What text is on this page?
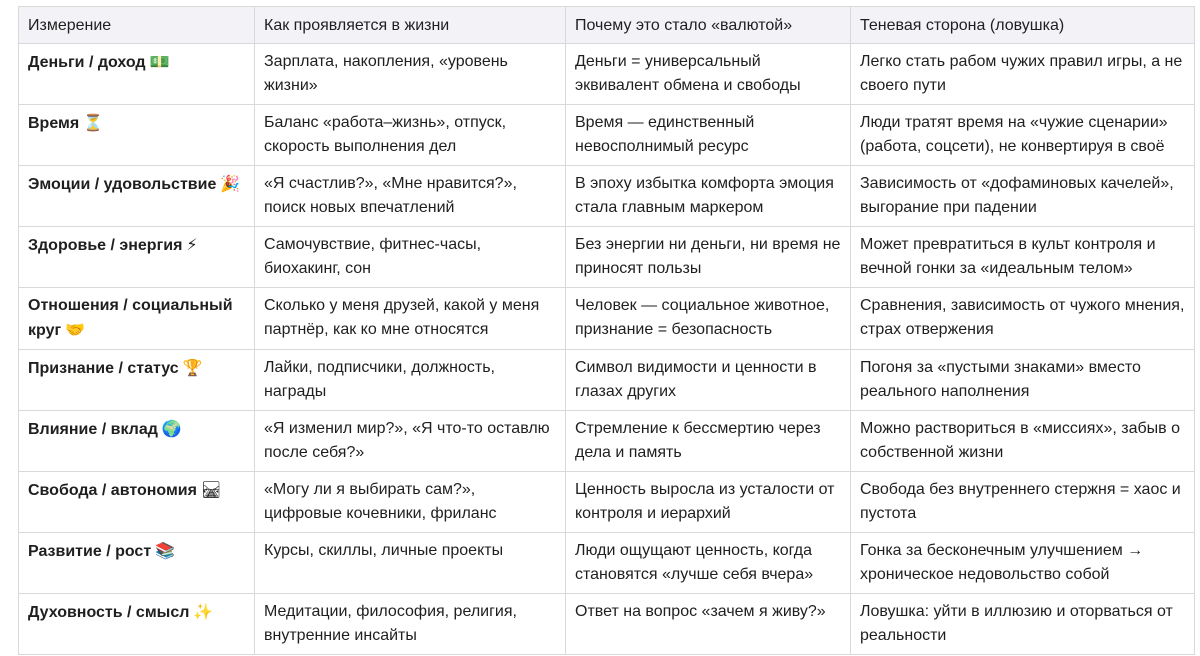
Измерение	Как проявляется в жизни	Почему это стало «валютой»	Теневая сторона (ловушка)
Деньги / доход 💵	Зарплата, накопления, «уровень жизни»	Деньги = универсальный эквивалент обмена и свободы	Легко стать рабом чужих правил игры, а не своего пути
Время ⏳	Баланс «работа–жизнь», отпуск, скорость выполнения дел	Время — единственный невосполнимый ресурс	Люди тратят время на «чужие сценарии» (работа, соцсети), не конвертируя в своё
Эмоции / удовольствие 🎉	«Я счастлив?», «Мне нравится?», поиск новых впечатлений	В эпоху избытка комфорта эмоция стала главным маркером	Зависимость от «дофаминовых качелей», выгорание при падении
Здоровье / энергия ⚡	Самочувствие, фитнес-часы, биохакинг, сон	Без энергии ни деньги, ни время не приносят пользы	Может превратиться в культ контроля и вечной гонки за «идеальным телом»
Отношения / социальный круг 🤝	Сколько у меня друзей, какой у меня партнёр, как ко мне относятся	Человек — социальное животное, признание = безопасность	Сравнения, зависимость от чужого мнения, страх отвержения
Признание / статус 🏆	Лайки, подписчики, должность, награды	Символ видимости и ценности в глазах других	Погоня за «пустыми знаками» вместо реального наполнения
Влияние / вклад 🌍	«Я изменил мир?», «Я что-то оставлю после себя?»	Стремление к бессмертию через дела и память	Можно раствориться в «миссиях», забыв о собственной жизни
Свобода / автономия 🛤	«Могу ли я выбирать сам?», цифровые кочевники, фриланс	Ценность выросла из усталости от контроля и иерархий	Свобода без внутреннего стержня = хаос и пустота
Развитие / рост 📚	Курсы, скиллы, личные проекты	Люди ощущают ценность, когда становятся «лучше себя вчера»	Гонка за бесконечным улучшением → хроническое недовольство собой
Духовность / смысл ✨	Медитации, философия, религия, внутренние инсайты	Ответ на вопрос «зачем я живу?»	Ловушка: уйти в иллюзию и оторваться от реальности
